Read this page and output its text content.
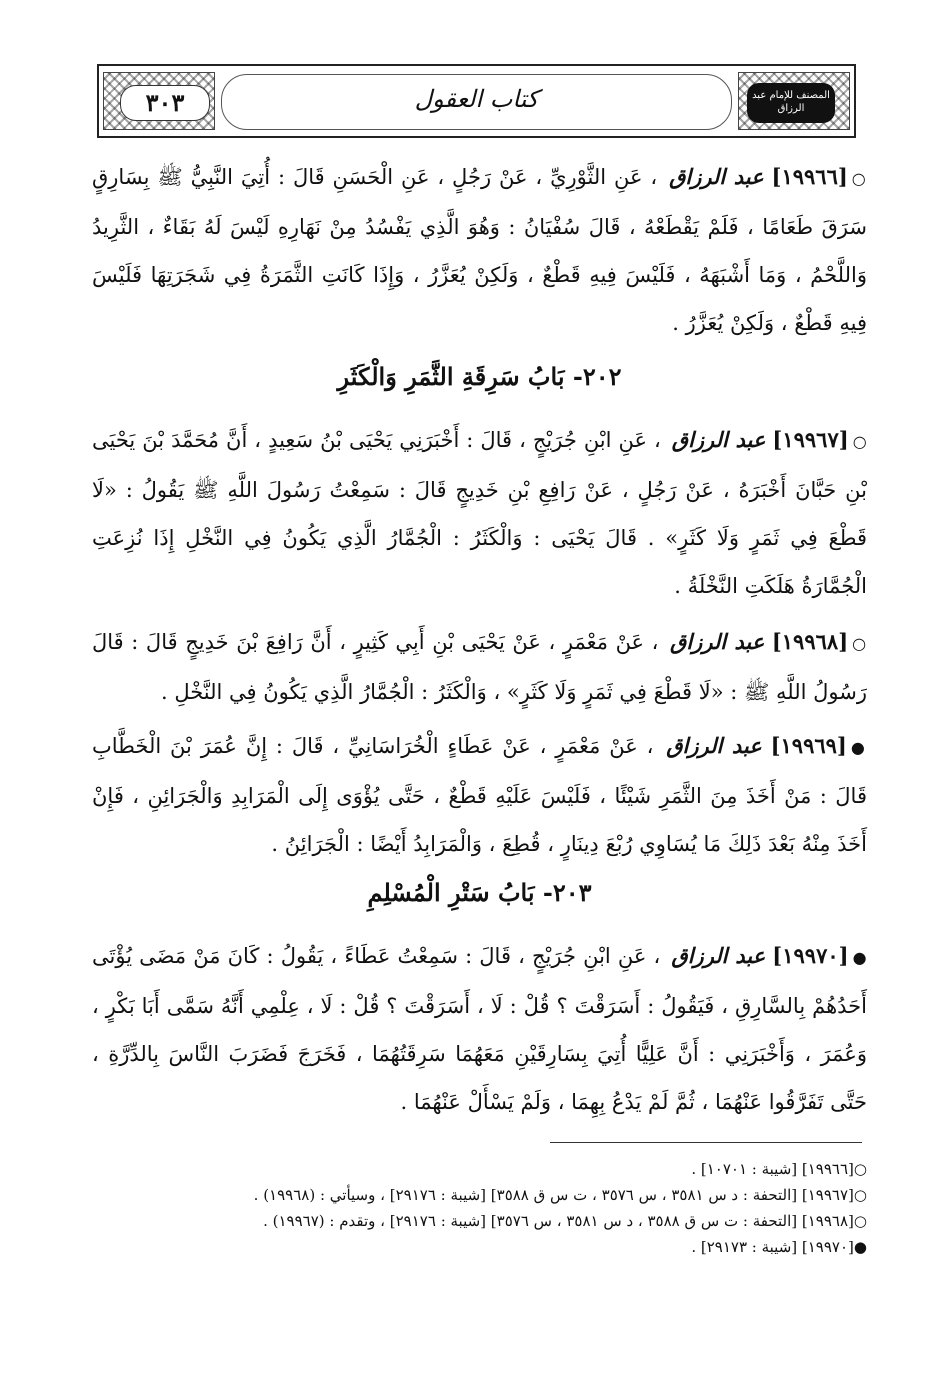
٣٠٣	كتاب العقول	المصنف للإمام عبد الرزاق
○[١٩٩٦٦] عبد الرزاق ، عَنِ الثَّوْرِيِّ ، عَنْ رَجُلٍ ، عَنِ الْحَسَنِ قَالَ : أُتِيَ النَّبِيُّ ﷺ بِسَارِقٍ سَرَقَ طَعَامًا ، فَلَمْ يَقْطَعْهُ ، قَالَ سُفْيَانُ : وَهُوَ الَّذِي يَفْسُدُ مِنْ نَهَارِهِ لَيْسَ لَهُ بَقَاءٌ ، الثَّرِيدُ وَاللَّحْمُ ، وَمَا أَشْبَهَهُ ، فَلَيْسَ فِيهِ قَطْعٌ ، وَلَكِنْ يُعَزَّرُ ، وَإِذَا كَانَتِ الثَّمَرَةُ فِي شَجَرَتِهَا فَلَيْسَ فِيهِ قَطْعٌ ، وَلَكِنْ يُعَزَّرُ .
٢٠٢- بَابُ سَرِقَةِ الثَّمَرِ وَالْكَثَرِ
○[١٩٩٦٧] عبد الرزاق ، عَنِ ابْنِ جُرَيْجٍ ، قَالَ : أَخْبَرَنِي يَحْيَى بْنُ سَعِيدٍ ، أَنَّ مُحَمَّدَ بْنَ يَحْيَى بْنِ حَبَّانَ أَخْبَرَهُ ، عَنْ رَجُلٍ ، عَنْ رَافِعِ بْنِ خَدِيجٍ قَالَ : سَمِعْتُ رَسُولَ اللَّهِ ﷺ يَقُولُ : «لَا قَطْعَ فِي ثَمَرٍ وَلَا كَثَرٍ» . قَالَ يَحْيَى : وَالْكَثَرُ : الْجُمَّارُ الَّذِي يَكُونُ فِي النَّخْلِ إِذَا نُزِعَتِ الْجُمَّارَةُ هَلَكَتِ النَّخْلَةُ .
○[١٩٩٦٨] عبد الرزاق ، عَنْ مَعْمَرٍ ، عَنْ يَحْيَى بْنِ أَبِي كَثِيرٍ ، أَنَّ رَافِعَ بْنَ خَدِيجٍ قَالَ : قَالَ رَسُولُ اللَّهِ ﷺ : «لَا قَطْعَ فِي ثَمَرٍ وَلَا كَثَرٍ» ، وَالْكَثَرُ : الْجُمَّارُ الَّذِي يَكُونُ فِي النَّخْلِ .
●[١٩٩٦٩] عبد الرزاق ، عَنْ مَعْمَرٍ ، عَنْ عَطَاءٍ الْخُرَاسَانِيِّ ، قَالَ : إِنَّ عُمَرَ بْنَ الْخَطَّابِ قَالَ : مَنْ أَخَذَ مِنَ الثَّمَرِ شَيْئًا ، فَلَيْسَ عَلَيْهِ قَطْعٌ ، حَتَّى يُؤْوَى إِلَى الْمَرَابِدِ وَالْجَرَائِنِ ، فَإِنْ أَخَذَ مِنْهُ بَعْدَ ذَلِكَ مَا يُسَاوِي رُبْعَ دِينَارٍ ، قُطِعَ ، وَالْمَرَابِدُ أَيْضًا : الْجَرَائِنُ .
٢٠٣- بَابُ سَتْرِ الْمُسْلِمِ
●[١٩٩٧٠] عبد الرزاق ، عَنِ ابْنِ جُرَيْجٍ ، قَالَ : سَمِعْتُ عَطَاءً ، يَقُولُ : كَانَ مَنْ مَضَى يُؤْتَى أَحَدُهُمْ بِالسَّارِقِ ، فَيَقُولُ : أَسَرَقْتَ ؟ قُلْ : لَا ، أَسَرَقْتَ ؟ قُلْ : لَا ، عِلْمِي أَنَّهُ سَمَّى أَبَا بَكْرٍ ، وَعُمَرَ ، وَأَخْبَرَنِي : أَنَّ عَلِيًّا أُتِيَ بِسَارِقَيْنِ مَعَهُمَا سَرِقَتُهُمَا ، فَخَرَجَ فَضَرَبَ النَّاسَ بِالدِّرَّةِ ، حَتَّى تَفَرَّقُوا عَنْهُمَا ، ثُمَّ لَمْ يَدْعُ بِهِمَا ، وَلَمْ يَسْأَلْ عَنْهُمَا .
○[١٩٩٦٦] [شيبة : ١٠٧٠١] .
○[١٩٩٦٧] [التحفة : د س ٣٥٨١ ، س ٣٥٧٦ ، ت س ق ٣٥٨٨] [شيبة : ٢٩١٧٦] ، وسيأتي : (١٩٩٦٨) .
○[١٩٩٦٨] [التحفة : ت س ق ٣٥٨٨ ، د س ٣٥٨١ ، س ٣٥٧٦] [شيبة : ٢٩١٧٦] ، وتقدم : (١٩٩٦٧) .
●[١٩٩٧٠] [شيبة : ٢٩١٧٣] .
